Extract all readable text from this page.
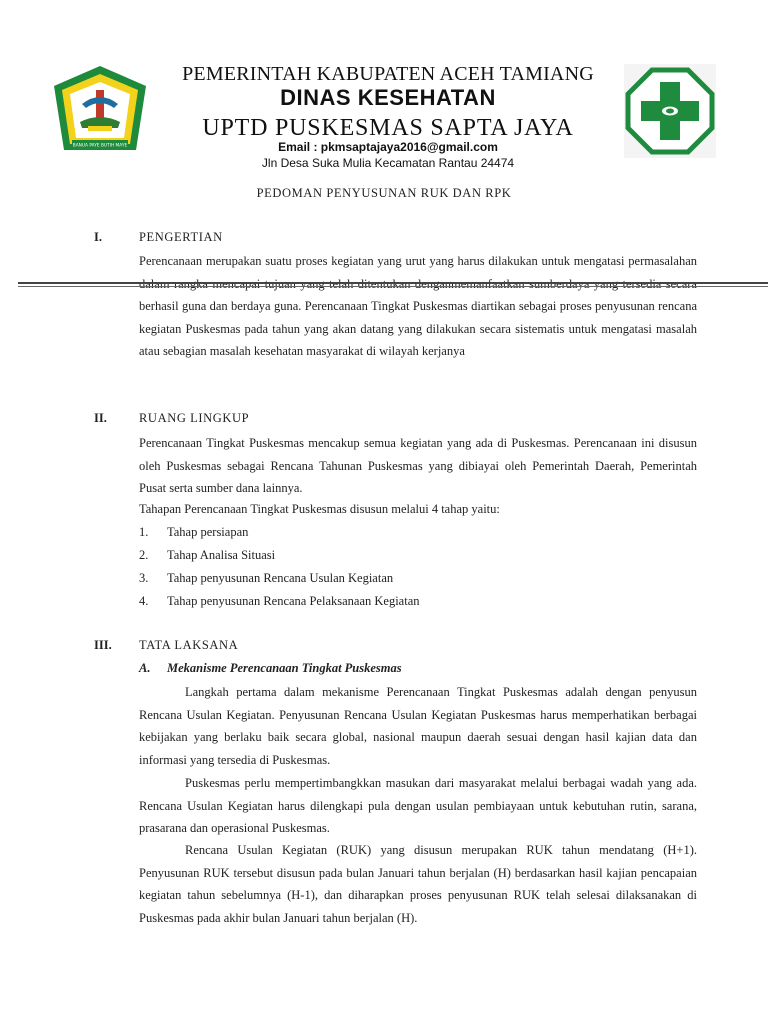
BANUA PAYE BUTIH MAYE
PEMERINTAH KABUPATEN ACEH TAMIANG
DINAS KESEHATAN
UPTD PUSKESMAS SAPTA JAYA
Email : pkmsaptajaya2016@gmail.com
Jln Desa Suka Mulia Kecamatan Rantau 24474
PEDOMAN PENYUSUNAN RUK DAN RPK
I.	PENGERTIAN

Perencanaan merupakan suatu proses kegiatan yang urut yang harus dilakukan untuk mengatasi permasalahan berhasil guna dan berdaya guna. Perencanaan Tingkat Puskesmas diartikan sebagai proses penyusunan rencana kegiatan Puskesmas pada tahun yang akan datang yang dilakukan secara sistematis untuk mengatasi masalah atau sebagian masalah kesehatan masyarakat di wilayah kerjanya

II.	RUANG LINGKUP

Perencanaan Tingkat Puskesmas mencakup semua kegiatan yang ada di Puskesmas. Perencanaan ini disusun oleh Puskesmas sebagai Rencana Tahunan Puskesmas yang dibiayai oleh Pemerintah Daerah, Pemerintah Pusat serta sumber dana lainnya.

Tahapan Perencanaan Tingkat Puskesmas disusun melalui 4 tahap yaitu:
1. Tahap persiapan
2. Tahap Analisa Situasi
3. Tahap penyusunan Rencana Usulan Kegiatan
4. Tahap penyusunan Rencana Pelaksanaan Kegiatan
III. TATA LAKSANA
A. Mekanisme Perencanaan Tingkat Puskesmas

Langkah pertama dalam mekanisme Perencanaan Tingkat Puskesmas adalah dengan penyusun Rencana Usulan Kegiatan. Penyusunan Rencana Usulan Kegiatan Puskesmas harus memperhatikan berbagai kebijakan yang berlaku baik secara global, nasional maupun daerah sesuai dengan hasil kajian data dan informasi yang tersedia di Puskesmas.

Puskesmas perlu mempertimbangkkan masukan dari masyarakat melalui berbagai wadah yang ada. Rencana Usulan Kegiatan harus dilengkapi pula dengan usulan pembiayaan untuk kebutuhan rutin, sarana, prasarana dan operasional Puskesmas.

Rencana Usulan Kegiatan (RUK) yang disusun merupakan RUK tahun mendatang (H+1). Penyusunan RUK tersebut disusun pada bulan Januari tahun berjalan (H) berdasarkan hasil kajian pencapaian kegiatan tahun sebelumnya (H-1), dan diharapkan proses penyusunan RUK telah selesai dilaksanakan di Puskesmas pada akhir bulan Januari tahun berjalan (H).
